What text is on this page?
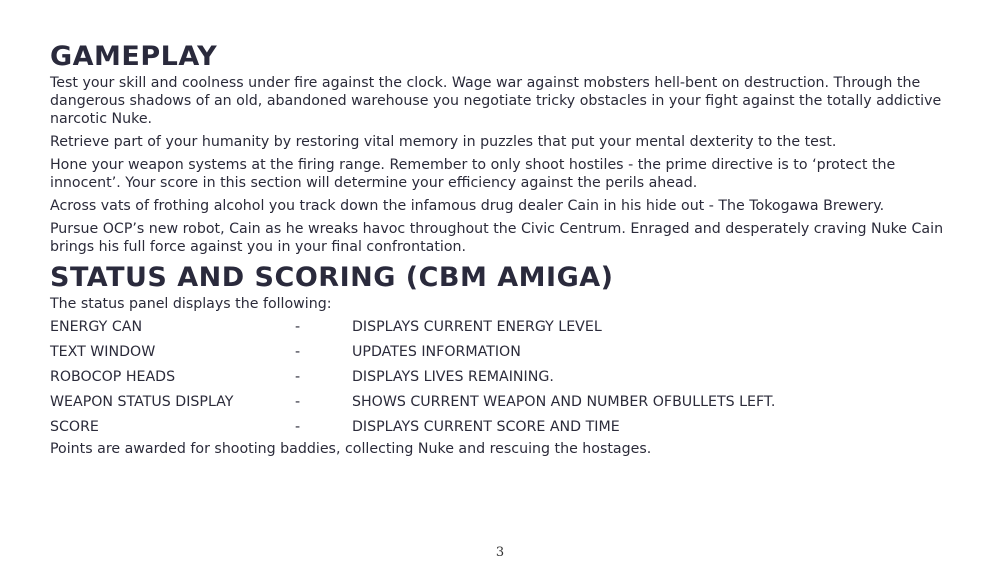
GAMEPLAY

Test your skill and coolness under fire against the clock. Wage war against mobsters hell-bent on destruction. Through the dangerous shadows of an old, abandoned warehouse you negotiate tricky obstacles in your fight against the totally addictive narcotic Nuke.

Retrieve part of your humanity by restoring vital memory in puzzles that put your mental dexterity to the test.

Hone your weapon systems at the firing range. Remember to only shoot hostiles - the prime directive is to ‘protect the innocent’. Your score in this section will determine your efficiency against the perils ahead.

Across vats of frothing alcohol you track down the infamous drug dealer Cain in his hide out - The Tokogawa Brewery.

Pursue OCP’s new robot, Cain as he wreaks havoc throughout the Civic Centrum. Enraged and desperately craving Nuke Cain brings his full force against you in your final confrontation.

STATUS AND SCORING (CBM AMIGA)

The status panel displays the following:

ENERGY CAN	-	DISPLAYS CURRENT ENERGY LEVEL
TEXT WINDOW	-	UPDATES INFORMATION
ROBOCOP HEADS	-	DISPLAYS LIVES REMAINING.
WEAPON STATUS DISPLAY	-	SHOWS CURRENT WEAPON AND NUMBER OFBULLETS LEFT.
SCORE	-	DISPLAYS CURRENT SCORE AND TIME

Points are awarded for shooting baddies, collecting Nuke and rescuing the hostages.

3
